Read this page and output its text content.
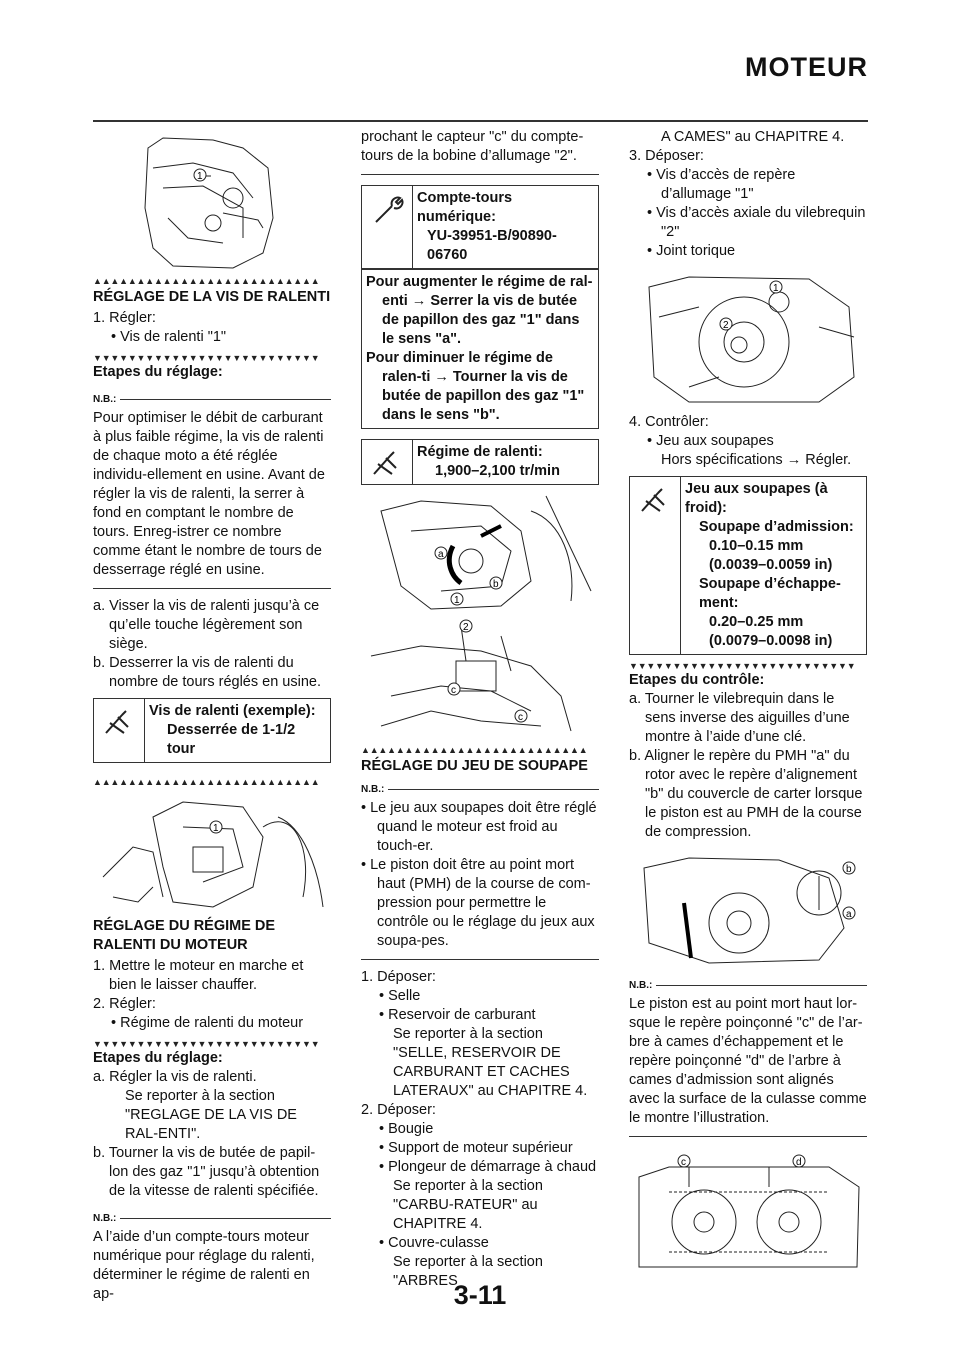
MOTEUR
1
▲▲▲▲▲▲▲▲▲▲▲▲▲▲▲▲▲▲▲▲▲▲▲▲▲▲
RÉGLAGE DE LA VIS DE RALENTI

1. Régler:

• Vis de ralenti "1"

▼▼▼▼▼▼▼▼▼▼▼▼▼▼▼▼▼▼▼▼▼▼▼▼▼▼

Etapes du réglage:

N.B.:

Pour optimiser le débit de carburant à plus faible régime, la vis de ralenti de chaque moto a été réglée individu-ellement en usine. Avant de régler la vis de ralenti, la serrer à fond en comptant le nombre de tours. Enreg-istrer ce nombre comme étant le nombre de tours de desserrage réglé en usine.

a. Visser la vis de ralenti jusqu’à ce qu’elle touche légèrement son siège.

b. Desserrer la vis de ralenti du nombre de tours réglés en usine.

Vis de ralenti (exemple):
Desserrée de 1-1/2 tour
▲▲▲▲▲▲▲▲▲▲▲▲▲▲▲▲▲▲▲▲▲▲▲▲▲▲
1
RÉGLAGE DU RÉGIME DE RALENTI DU MOTEUR

1. Mettre le moteur en marche et bien le laisser chauffer.

2. Régler:

• Régime de ralenti du moteur

▼▼▼▼▼▼▼▼▼▼▼▼▼▼▼▼▼▼▼▼▼▼▼▼▼▼

Etapes du réglage:

a. Régler la vis de ralenti.

Se reporter à la section "REGLAGE DE LA VIS DE RAL-ENTI".

b. Tourner la vis de butée de papil-lon des gaz "1" jusqu’à obtention de la vitesse de ralenti spécifiée.

N.B.:

A l’aide d’un compte-tours moteur numérique pour réglage du ralenti, déterminer le régime de ralenti en ap-

prochant le capteur "c" du compte-tours de la bobine d’allumage "2".

Compte-tours numérique:
YU-39951-B/90890-06760
Pour augmenter le régime de ral-enti → Serrer la vis de butée de papillon des gaz "1" dans le sens "a".
Pour diminuer le régime de ralen-ti → Tourner la vis de butée de papillon des gaz "1" dans le sens "b".
Régime de ralenti:
1,900–2,100 tr/min
a
b
1
2
c
c
▲▲▲▲▲▲▲▲▲▲▲▲▲▲▲▲▲▲▲▲▲▲▲▲▲▲
RÉGLAGE DU JEU DE SOUPAPE
N.B.:

• Le jeu aux soupapes doit être réglé quand le moteur est froid au touch-er.

• Le piston doit être au point mort haut (PMH) de la course de com-pression pour permettre le contrôle ou le réglage du jeux aux soupa-pes.

1. Déposer:

• Selle

• Reservoir de carburant

Se reporter à la section "SELLE, RESERVOIR DE CARBURANT ET CACHES LATERAUX" au CHAPITRE 4.

2. Déposer:

• Bougie

• Support de moteur supérieur

• Plongeur de démarrage à chaud

Se reporter à la section "CARBU-RATEUR" au CHAPITRE 4.

• Couvre-culasse

Se reporter à la section "ARBRES

A CAMES" au CHAPITRE 4.

3. Déposer:

• Vis d’accès de repère d’allumage "1"

• Vis d’accès axiale du vilebrequin "2"

• Joint torique

1
2

4. Contrôler:

• Jeu aux soupapes

Hors spécifications → Régler.

Jeu aux soupapes (à froid):
Soupape d’admission:
0.10–0.15 mm
(0.0039–0.0059 in)
Soupape d’échappe-ment:
0.20–0.25 mm
(0.0079–0.0098 in)
▼▼▼▼▼▼▼▼▼▼▼▼▼▼▼▼▼▼▼▼▼▼▼▼▼▼

Etapes du contrôle:

a. Tourner le vilebrequin dans le sens inverse des aiguilles d’une montre à l’aide d’une clé.

b. Aligner le repère du PMH "a" du rotor avec le repère d’alignement "b" du couvercle de carter lorsque le piston est au PMH de la course de compression.

b
a
N.B.:

Le piston est au point mort haut lor-sque le repère poinçonné "c" de l’ar-bre à cames d’échappement et le repère poinçonné "d" de l’arbre à cames d’admission sont alignés avec la surface de la culasse comme le montre l’illustration.

c	d
3-11
